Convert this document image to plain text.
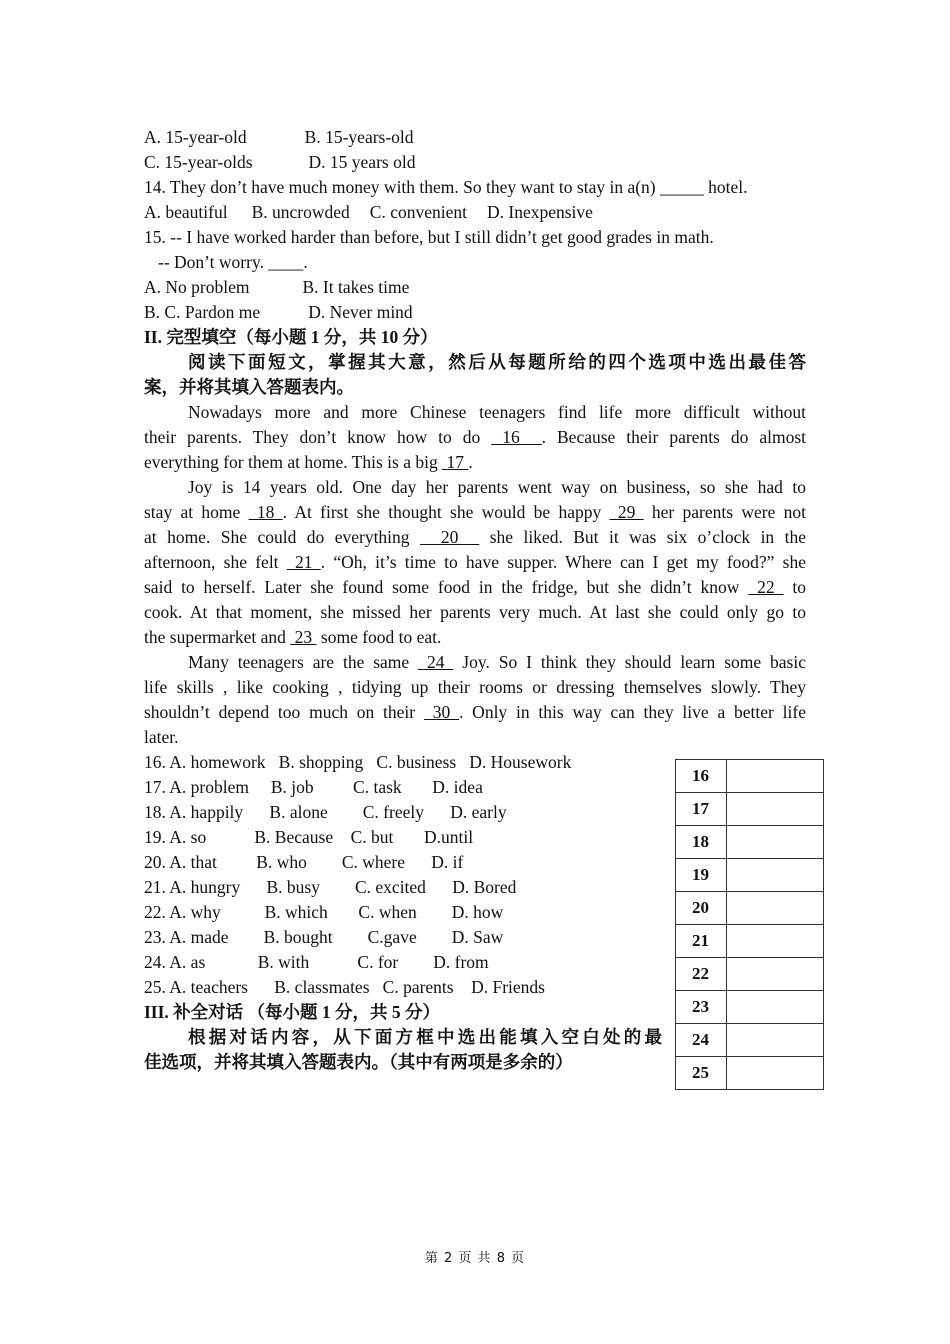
A. 15-year-old	B. 15-years-old
C. 15-year-olds	D. 15 years old
14. They don’t have much money with them. So they want to stay in a(n) _____ hotel.
A. beautiful B. uncrowded C. convenient D. Inexpensive
15. -- I have worked harder than before, but I still didn’t get good grades in math.
-- Don’t worry. ____.
A. No problem	B. It takes time
B. C. Pardon me	D. Never mind
II. 完型填空（每小题 1 分，共 10 分）
阅读下面短文，掌握其大意，然后从每题所给的四个选项中选出最佳答
案，并将其填入答题表内。
Nowadays more and more Chinese teenagers find life more difficult without
their parents. They don’t know how to do  16  . Because their parents do almost
everything for them at home. This is a big  17 .
Joy is 14 years old. One day her parents went way on business, so she had to
stay at home  18 . At first she thought she would be happy  29  her parents were not
at home. She could do everything   20   she liked. But it was six o’clock in the
afternoon, she felt  21 . “Oh, it’s time to have supper. Where can I get my food?” she
said to herself. Later she found some food in the fridge, but she didn’t know  22  to
cook. At that moment, she missed her parents very much. At last she could only go to
the supermarket and  23  some food to eat.
Many teenagers are the same  24  Joy. So I think they should learn some basic
life skills , like cooking , tidying up their rooms or dressing themselves slowly. They
shouldn’t depend too much on their  30 . Only in this way can they live a better life
later.
16. A. homework B. shopping C. business D. Housework
17. A. problem B. job C. task D. idea
18. A. happily B. alone C. freely D. early
19. A. so	B. Because C. but D.until
20. A. that B. who C. where D. if
21. A. hungry B. busy C. excited D. Bored
22. A. why	B. which C. when D. how
23. A. made B. bought C.gave D. Saw
24. A. as	B. with	C. for D. from
25. A. teachers B. classmates C. parents D. Friends
III. 补全对话 （每小题 1 分，共 5 分）
根据对话内容，从下面方框中选出能填入空白处的最
佳选项，并将其填入答题表内。（其中有两项是多余的）
16	
17	
18	
19	
20	
21	
22	
23	
24	
25	
第 2 页 共 8 页
